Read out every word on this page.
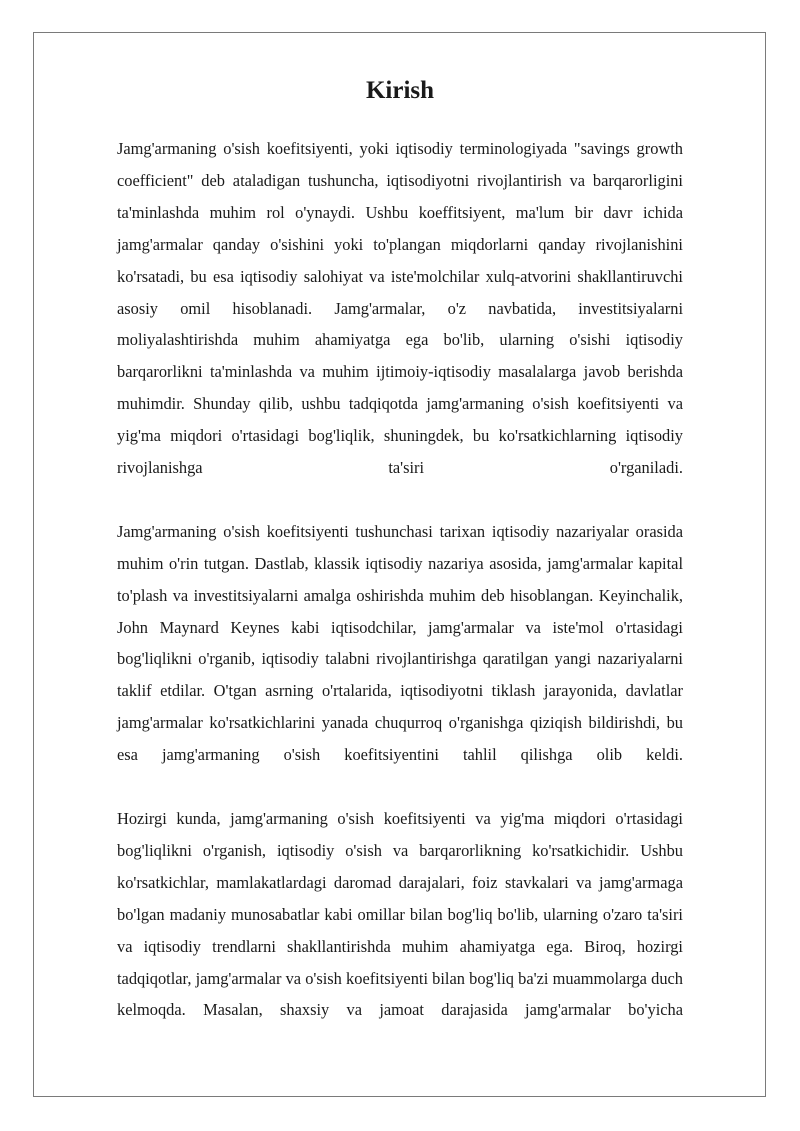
Kirish

Jamg'armaning o'sish koefitsiyenti, yoki iqtisodiy terminologiyada "savings growth coefficient" deb ataladigan tushuncha, iqtisodiyotni rivojlantirish va barqarorligini ta'minlashda muhim rol o'ynaydi. Ushbu koeffitsiyent, ma'lum bir davr ichida jamg'armalar qanday o'sishini yoki to'plangan miqdorlarni qanday rivojlanishini ko'rsatadi, bu esa iqtisodiy salohiyat va iste'molchilar xulq-atvorini shakllantiruvchi asosiy omil hisoblanadi. Jamg'armalar, o'z navbatida, investitsiyalarni moliyalashtirishda muhim ahamiyatga ega bo'lib, ularning o'sishi iqtisodiy barqarorlikni ta'minlashda va muhim ijtimoiy-iqtisodiy masalalarga javob berishda muhimdir. Shunday qilib, ushbu tadqiqotda jamg'armaning o'sish koefitsiyenti va yig'ma miqdori o'rtasidagi bog'liqlik, shuningdek, bu ko'rsatkichlarning iqtisodiy rivojlanishga ta'siri o'rganiladi.

Jamg'armaning o'sish koefitsiyenti tushunchasi tarixan iqtisodiy nazariyalar orasida muhim o'rin tutgan. Dastlab, klassik iqtisodiy nazariya asosida, jamg'armalar kapital to'plash va investitsiyalarni amalga oshirishda muhim deb hisoblangan. Keyinchalik, John Maynard Keynes kabi iqtisodchilar, jamg'armalar va iste'mol o'rtasidagi bog'liqlikni o'rganib, iqtisodiy talabni rivojlantirishga qaratilgan yangi nazariyalarni taklif etdilar. O'tgan asrning o'rtalarida, iqtisodiyotni tiklash jarayonida, davlatlar jamg'armalar ko'rsatkichlarini yanada chuqurroq o'rganishga qiziqish bildirishdi, bu esa jamg'armaning o'sish koefitsiyentini tahlil qilishga olib keldi.

Hozirgi kunda, jamg'armaning o'sish koefitsiyenti va yig'ma miqdori o'rtasidagi bog'liqlikni o'rganish, iqtisodiy o'sish va barqarorlikning ko'rsatkichidir. Ushbu ko'rsatkichlar, mamlakatlardagi daromad darajalari, foiz stavkalari va jamg'armaga bo'lgan madaniy munosabatlar kabi omillar bilan bog'liq bo'lib, ularning o'zaro ta'siri va iqtisodiy trendlarni shakllantirishda muhim ahamiyatga ega. Biroq, hozirgi tadqiqotlar, jamg'armalar va o'sish koefitsiyenti bilan bog'liq ba'zi muammolarga duch kelmoqda. Masalan, shaxsiy va jamoat darajasida jamg'armalar bo'yicha
